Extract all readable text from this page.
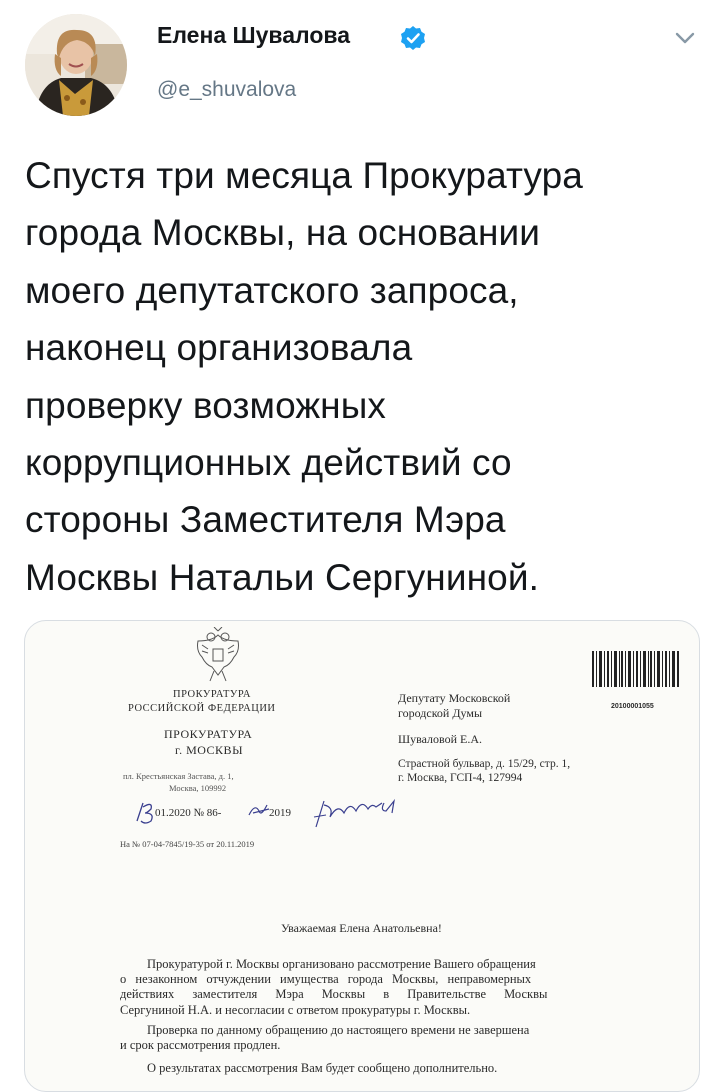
Елена Шувалова
@e_shuvalova
Спустя три месяца Прокуратура
города Москвы, на основании
моего депутатского запроса,
наконец организовала
проверку возможных
коррупционных действий со
стороны Заместителя Мэра
Москвы Натальи Сергуниной.
ПРОКУРАТУРА
РОССИЙСКОЙ ФЕДЕРАЦИИ
ПРОКУРАТУРА
г. МОСКВЫ
пл. Крестьянская Застава, д. 1,
Москва, 109992
01.2020 № 86-	2019
На № 07-04-7845/19-35 от 20.11.2019
Депутату Московской
городской Думы
Шуваловой Е.А.
Страстной бульвар, д. 15/29, стр. 1,
г. Москва, ГСП-4, 127994
20100001055
Уважаемая Елена Анатольевна!
Прокуратурой г. Москвы организовано рассмотрение Вашего обращения
о незаконном отчуждении имущества города Москвы, неправомерных
действиях заместителя Мэра Москвы в Правительстве Москвы
Сергуниной Н.А. и несогласии с ответом прокуратуры г. Москвы.
Проверка по данному обращению до настоящего времени не завершена
и срок рассмотрения продлен.
О результатах рассмотрения Вам будет сообщено дополнительно.
